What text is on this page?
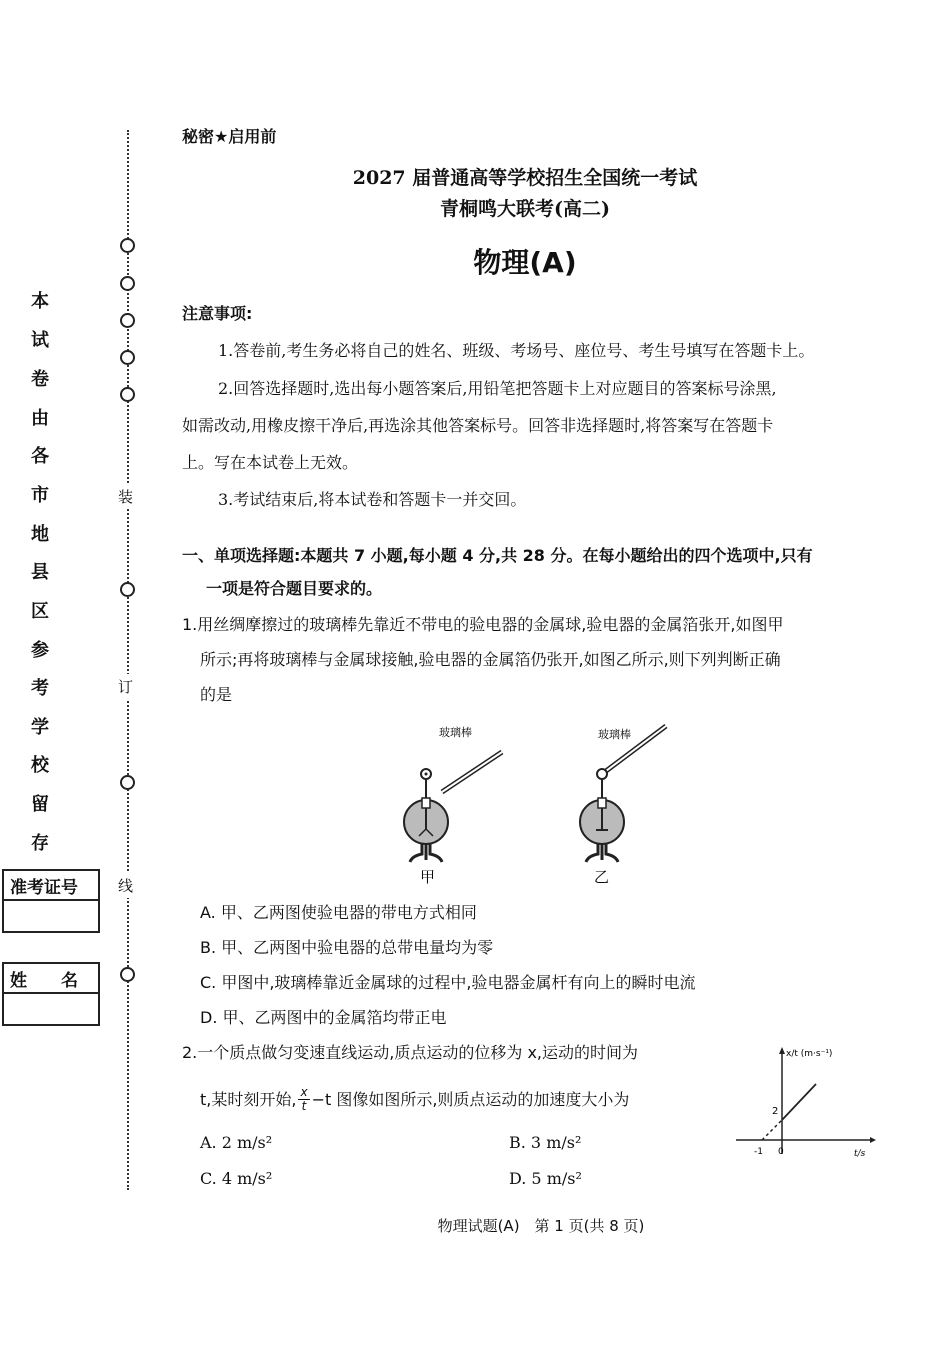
装
订
线
本
试
卷
由
各
市
地
县
区
参
考
学
校
留
存
准考证号
姓　　名
秘密★启用前
2027 届普通高等学校招生全国统一考试
青桐鸣大联考(高二)
物理(A)
注意事项:
1.答卷前,考生务必将自己的姓名、班级、考场号、座位号、考生号填写在答题卡上。
2.回答选择题时,选出每小题答案后,用铅笔把答题卡上对应题目的答案标号涂黑,
如需改动,用橡皮擦干净后,再选涂其他答案标号。回答非选择题时,将答案写在答题卡
上。写在本试卷上无效。
3.考试结束后,将本试卷和答题卡一并交回。
一、单项选择题:本题共 7 小题,每小题 4 分,共 28 分。在每小题给出的四个选项中,只有
一项是符合题目要求的。
1.用丝绸摩擦过的玻璃棒先靠近不带电的验电器的金属球,验电器的金属箔张开,如图甲
所示;再将玻璃棒与金属球接触,验电器的金属箔仍张开,如图乙所示,则下列判断正确
的是
玻璃棒
甲
玻璃棒
乙
A. 甲、乙两图使验电器的带电方式相同
B. 甲、乙两图中验电器的总带电量均为零
C. 甲图中,玻璃棒靠近金属球的过程中,验电器金属杆有向上的瞬时电流
D. 甲、乙两图中的金属箔均带正电
2.一个质点做匀变速直线运动,质点运动的位移为 x,运动的时间为
t,某时刻开始, $\frac{x}{t} -t$ 图像如图所示,则质点运动的加速度大小为
A. 2 m/s²	B. 3 m/s²
C. 4 m/s²	D. 5 m/s²
x/t (m·s⁻¹)
t/s
2
-1 0
物理试题(A)　第 1 页(共 8 页)
